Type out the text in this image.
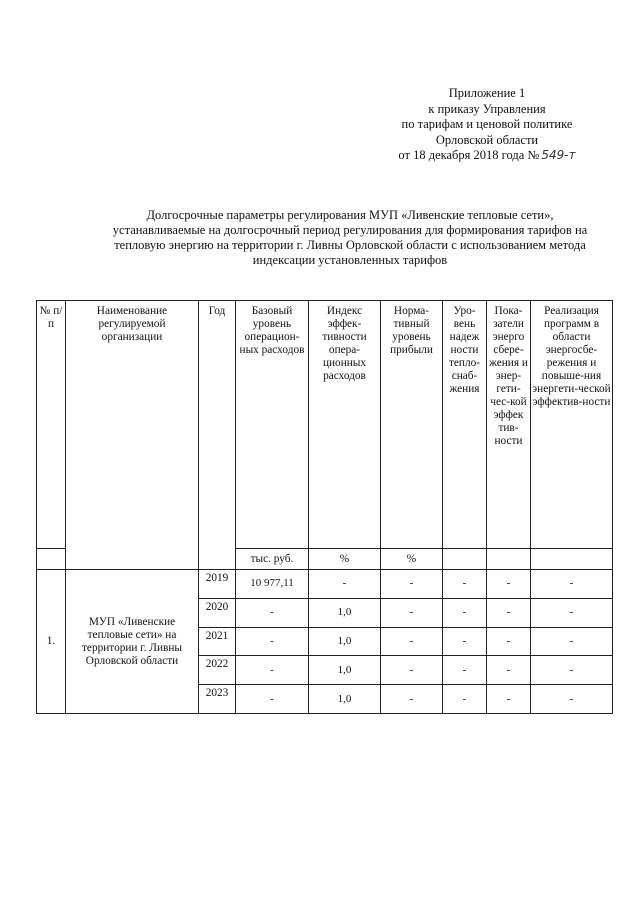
Приложение 1
к приказу Управления
по тарифам и ценовой политике
Орловской области
от 18 декабря 2018 года № 549-т
Долгосрочные параметры регулирования МУП «Ливенские тепловые сети», устанавливаемые на долгосрочный период регулирования для формирования тарифов на тепловую энергию на территории г. Ливны Орловской области с использованием метода индексации установленных тарифов
№ п/п	Наименование регулируемой организации	Год	Базовый уровень операцион-ных расходов	Индекс эффек-тивности опера-ционных расходов	Норма-тивный уровень прибыли	Уро-вень надеж ности тепло-снаб-жения	Пока-затели энерго сбере-жения и энер-гети-чес-кой эффек тив-ности	Реализация программ в области энергосбе-режения и повыше-ния энергети-ческой эффектив-ности

			тыс. руб.	%	%			
1.	МУП «Ливенские тепловые сети» на территории г. Ливны Орловской области	2019	10 977,11	-	-	-	-	-
		2020	-	1,0	-	-	-	-
		2021	-	1,0	-	-	-	-
		2022	-	1,0	-	-	-	-
		2023	-	1,0	-	-	-	-
